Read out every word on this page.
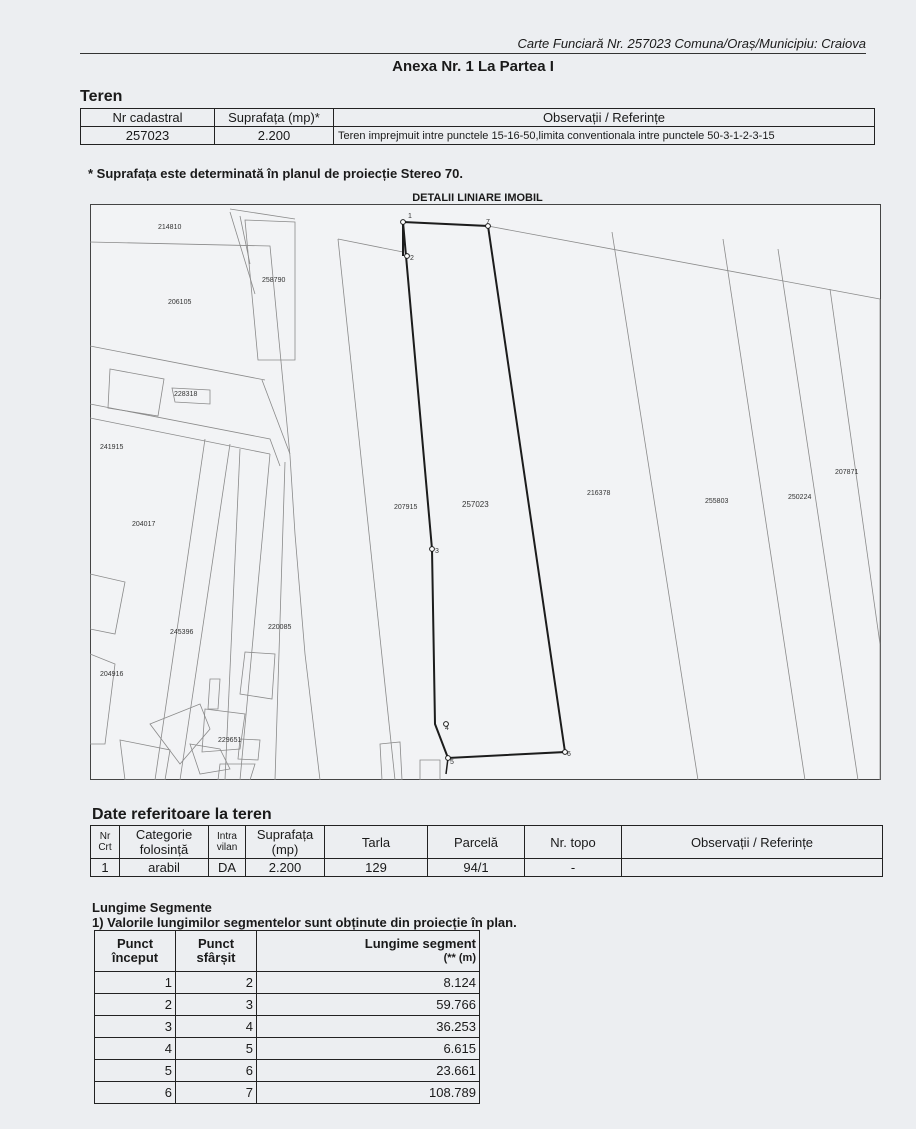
Carte Funciară Nr. 257023 Comuna/Oraș/Municipiu: Craiova
Anexa Nr. 1 La Partea I
Teren
Nr cadastral	Suprafața (mp)*	Observații / Referințe
257023	2.200	Teren imprejmuit intre punctele 15-16-50,limita conventionala intre punctele 50-3-1-2-3-15
* Suprafața este determinată în planul de proiecție Stereo 70.
DETALII LINIARE IMOBIL
1
2
3
4
5
6
7
214810
206105
258790
228318
241915
204017
245396
220085
204916
229651
207915	257023
216378
255803
250224
207871
Date referitoare la teren
Nr Crt	Categorie folosință	Intra vilan	Suprafața (mp)	Tarla	Parcelă	Nr. topo	Observații / Referințe
1	arabil	DA	2.200	129	94/1	-	
Lungime Segmente
1) Valorile lungimilor segmentelor sunt obținute din proiecție în plan.
Punct început	Punct sfârșit	Lungime segment
(** (m)

1	2	8.124
2	3	59.766
3	4	36.253
4	5	6.615
5	6	23.661
6	7	108.789
